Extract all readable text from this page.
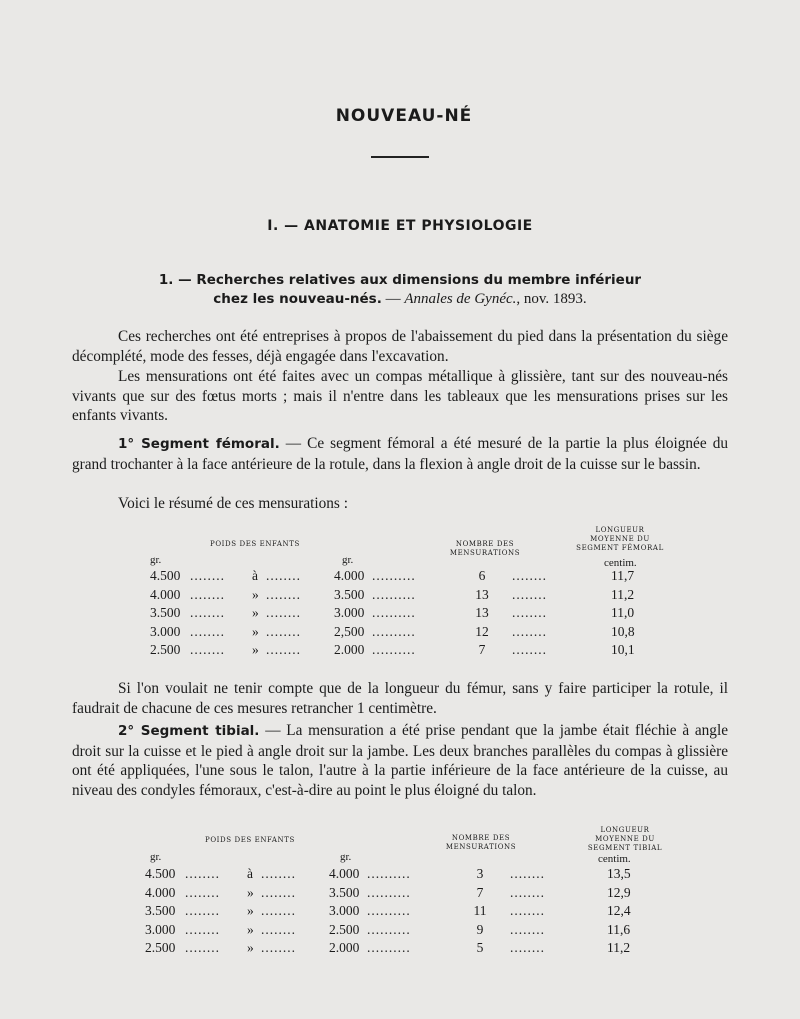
NOUVEAU-NÉ
I. — ANATOMIE ET PHYSIOLOGIE
1. — Recherches relatives aux dimensions du membre inférieur
chez les nouveau-nés. — Annales de Gynéc., nov. 1893.

Ces recherches ont été entreprises à propos de l'abaissement du pied dans la présentation du siège décomplété, mode des fesses, déjà engagée dans l'excavation.

Les mensurations ont été faites avec un compas métallique à glissière, tant sur des nouveau-nés vivants que sur des fœtus morts ; mais il n'entre dans les tableaux que les mensurations prises sur les enfants vivants.

1° Segment fémoral. — Ce segment fémoral a été mesuré de la partie la plus éloignée du grand trochanter à la face antérieure de la rotule, dans la flexion à angle droit de la cuisse sur le bassin.

Voici le résumé de ces mensurations :

POIDS DES ENFANTS	NOMBRE DES
MENSURATIONS
LONGUEUR
MOYENNE DU
SEGMENT FÉMORAL
gr.	gr.	centim.
4.500 ........ à ........ 4.000 ..........	6	........	11,7
4.000 ........ » ........ 3.500 ..........	13	........	11,2
3.500 ........ » ........ 3.000 ..........	13	........	11,0
3.000 ........ » ........ 2,500 ..........	12	........	10,8
2.500 ........ » ........ 2.000 ..........	7	........	10,1

Si l'on voulait ne tenir compte que de la longueur du fémur, sans y faire participer la rotule, il faudrait de chacune de ces mesures retrancher 1 centimètre.

2° Segment tibial. — La mensuration a été prise pendant que la jambe était fléchie à angle droit sur la cuisse et le pied à angle droit sur la jambe. Les deux branches parallèles du compas à glissière ont été appliquées, l'une sous le talon, l'autre à la partie inférieure de la face antérieure de la cuisse, au niveau des condyles fémoraux, c'est-à-dire au point le plus éloigné du talon.

POIDS DES ENFANTS	NOMBRE DES
MENSURATIONS
LONGUEUR
MOYENNE DU
SEGMENT TIBIAL
gr.	gr.	centim.
4.500 ........ à ........ 4.000 ..........	3	........	13,5
4.000 ........ » ........ 3.500 ..........	7	........	12,9
3.500 ........ » ........ 3.000 ..........	11	........	12,4
3.000 ........ » ........ 2.500 ..........	9	........	11,6
2.500 ........ » ........ 2.000 ..........	5	........	11,2
